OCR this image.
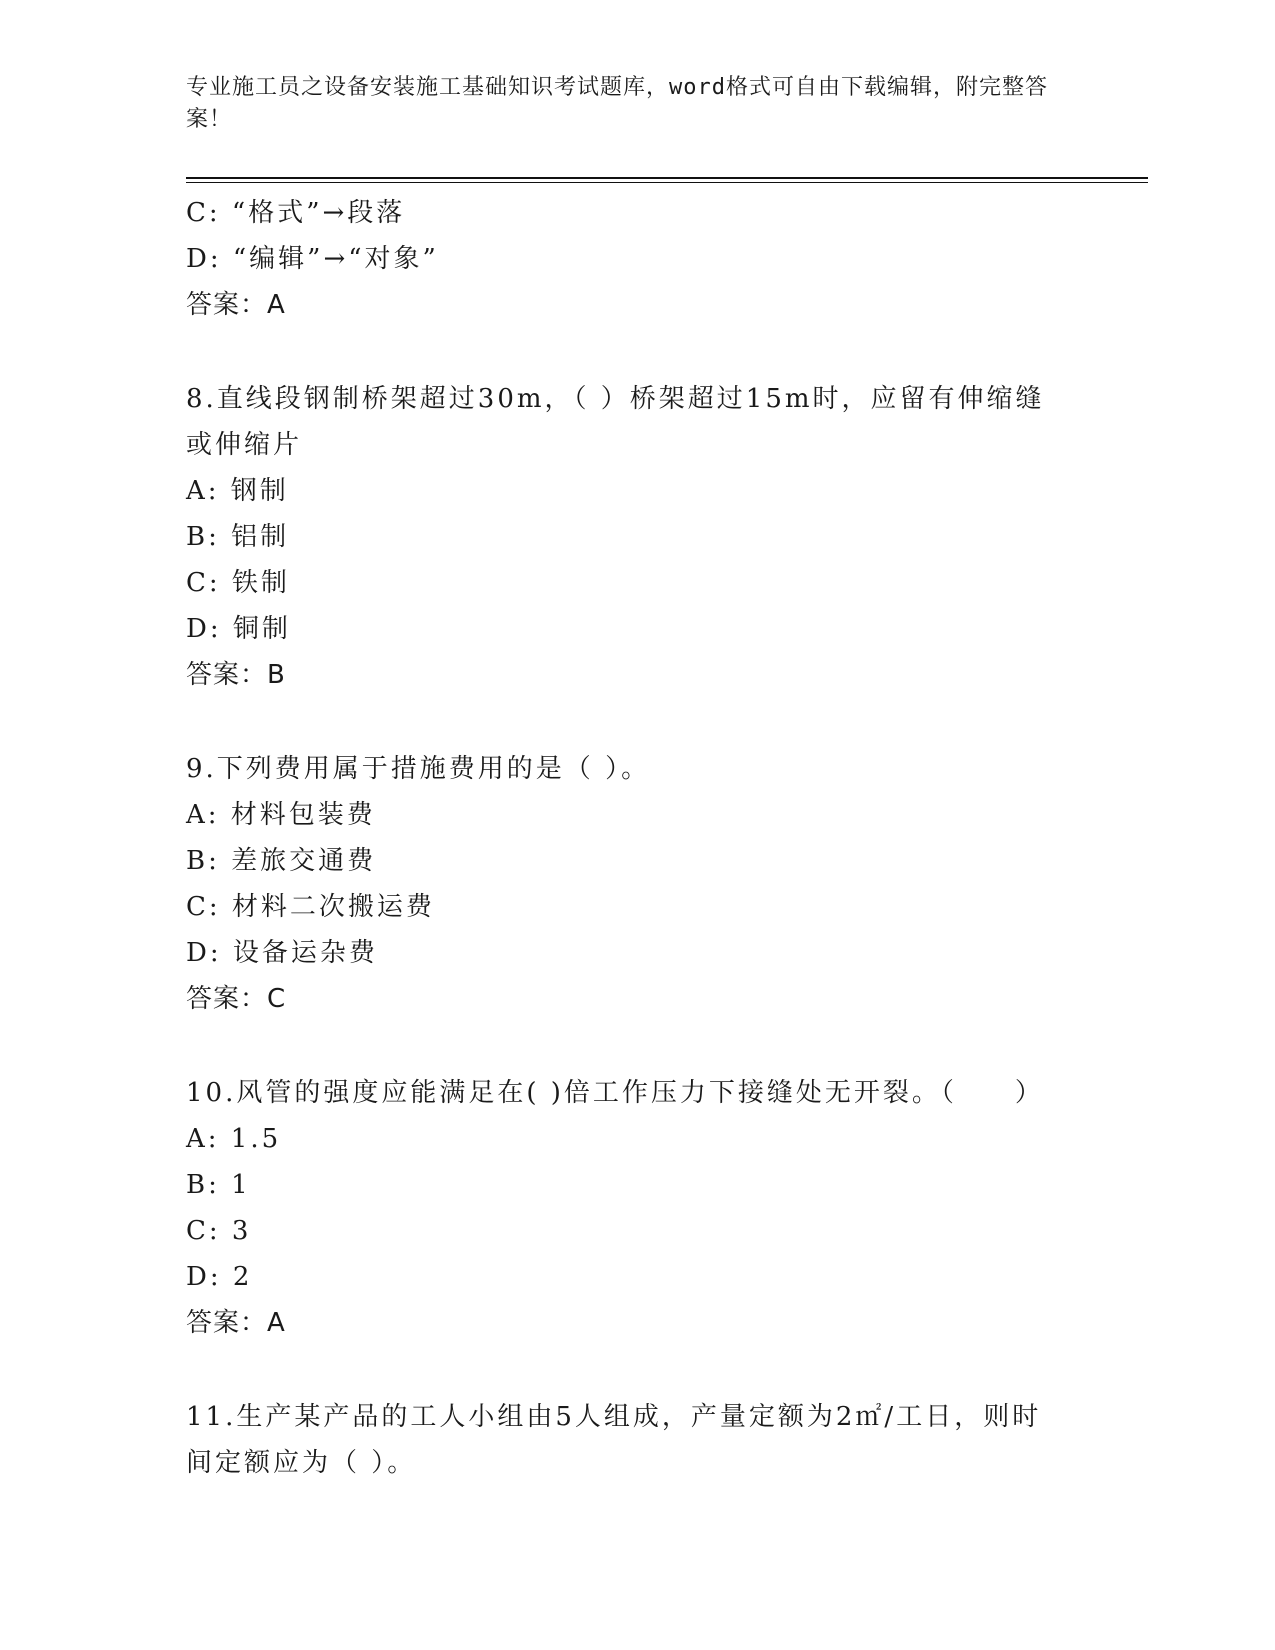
专业施工员之设备安装施工基础知识考试题库，word格式可自由下载编辑，附完整答案！
C: “格式”→段落
D: “编辑”→“对象”
答案：A
8.直线段钢制桥架超过30m，（ ）桥架超过15m时，应留有伸缩缝或伸缩片
A: 钢制
B: 铝制
C: 铁制
D: 铜制
答案：B
9.下列费用属于措施费用的是（ ）。
A: 材料包装费
B: 差旅交通费
C: 材料二次搬运费
D: 设备运杂费
答案：C
10.风管的强度应能满足在( )倍工作压力下接缝处无开裂。（　　）
A: 1.5
B: 1
C: 3
D: 2
答案：A
11.生产某产品的工人小组由5人组成，产量定额为2㎡/工日，则时间定额应为（ ）。
